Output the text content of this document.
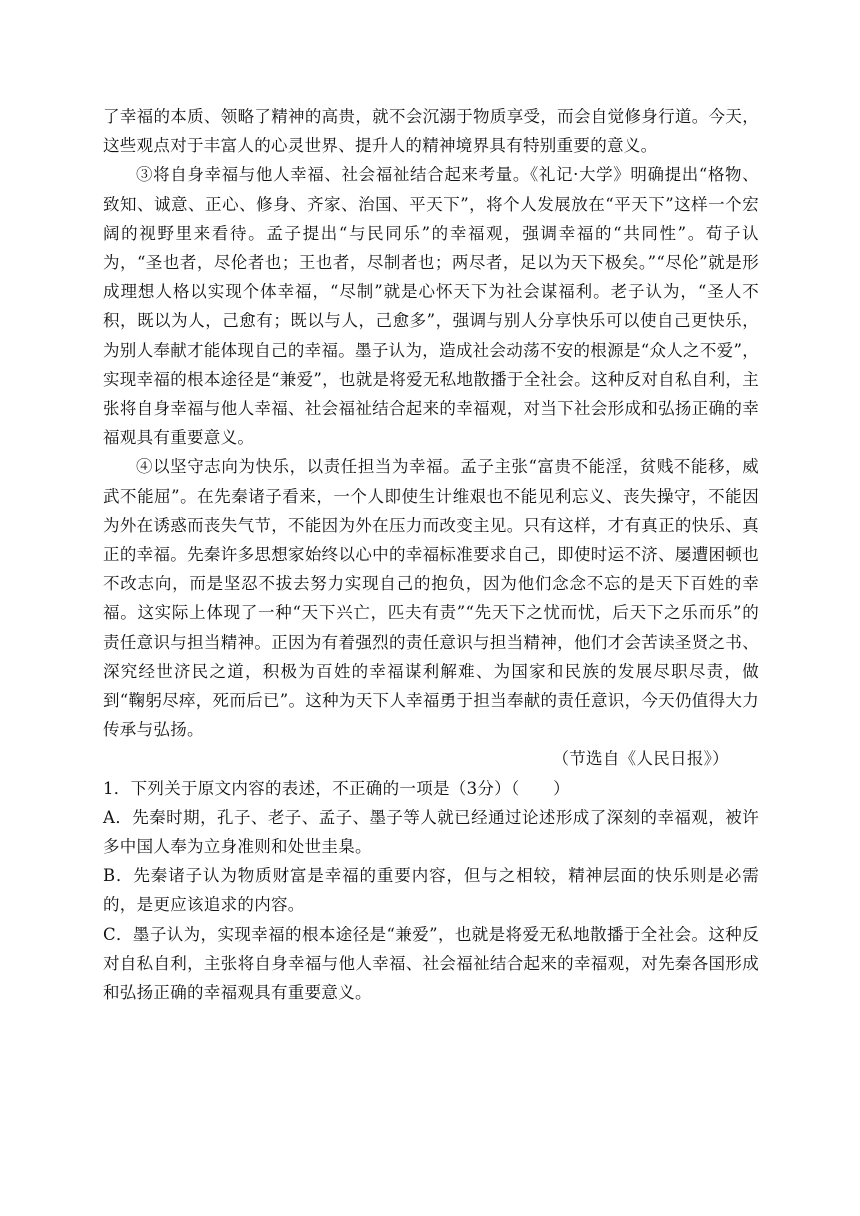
了幸福的本质、领略了精神的高贵，就不会沉溺于物质享受，而会自觉修身行道。今天，这些观点对于丰富人的心灵世界、提升人的精神境界具有特别重要的意义。

③将自身幸福与他人幸福、社会福祉结合起来考量。《礼记·大学》明确提出“格物、致知、诚意、正心、修身、齐家、治国、平天下”，将个人发展放在“平天下”这样一个宏阔的视野里来看待。孟子提出“与民同乐”的幸福观，强调幸福的“共同性”。荀子认为，“圣也者，尽伦者也；王也者，尽制者也；两尽者，足以为天下极矣。”“尽伦”就是形成理想人格以实现个体幸福，“尽制”就是心怀天下为社会谋福利。老子认为，“圣人不积，既以为人，己愈有；既以与人，己愈多”，强调与别人分享快乐可以使自己更快乐，为别人奉献才能体现自己的幸福。墨子认为，造成社会动荡不安的根源是“众人之不爱”，实现幸福的根本途径是“兼爱”，也就是将爱无私地散播于全社会。这种反对自私自利，主张将自身幸福与他人幸福、社会福祉结合起来的幸福观，对当下社会形成和弘扬正确的幸福观具有重要意义。

④以坚守志向为快乐，以责任担当为幸福。孟子主张“富贵不能淫，贫贱不能移，威武不能屈”。在先秦诸子看来，一个人即使生计维艰也不能见利忘义、丧失操守，不能因为外在诱惑而丧失气节，不能因为外在压力而改变主见。只有这样，才有真正的快乐、真正的幸福。先秦许多思想家始终以心中的幸福标准要求自己，即使时运不济、屡遭困顿也不改志向，而是坚忍不拔去努力实现自己的抱负，因为他们念念不忘的是天下百姓的幸福。这实际上体现了一种“天下兴亡，匹夫有责”“先天下之忧而忧，后天下之乐而乐”的责任意识与担当精神。正因为有着强烈的责任意识与担当精神，他们才会苦读圣贤之书、深究经世济民之道，积极为百姓的幸福谋利解难、为国家和民族的发展尽职尽责，做到“鞠躬尽瘁，死而后已”。这种为天下人幸福勇于担当奉献的责任意识，今天仍值得大力传承与弘扬。

（节选自《人民日报》）

1．下列关于原文内容的表述，不正确的一项是（3分）（　　）

A．先秦时期，孔子、老子、孟子、墨子等人就已经通过论述形成了深刻的幸福观，被许多中国人奉为立身准则和处世圭臬。

B．先秦诸子认为物质财富是幸福的重要内容，但与之相较，精神层面的快乐则是必需的，是更应该追求的内容。

C．墨子认为，实现幸福的根本途径是“兼爱”，也就是将爱无私地散播于全社会。这种反对自私自利，主张将自身幸福与他人幸福、社会福祉结合起来的幸福观，对先秦各国形成和弘扬正确的幸福观具有重要意义。
